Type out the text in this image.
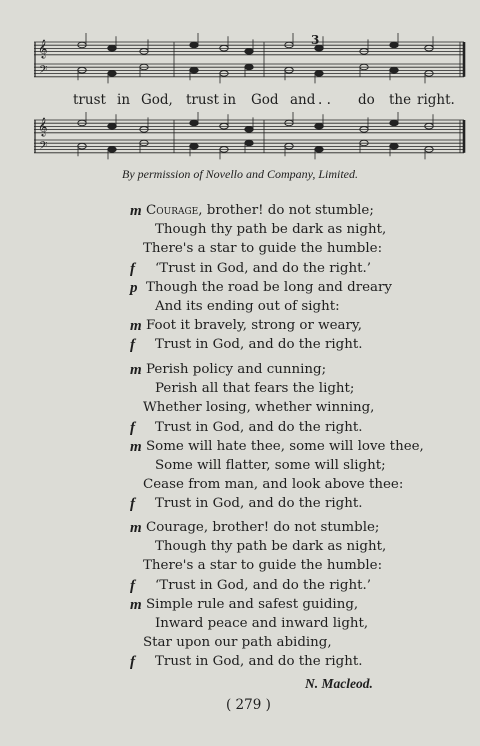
𝄞
𝄢
3
trust in God, trust in God and . . do the right.
𝄞
𝄢
By permission of Novello and Company, Limited.
m Courage, brother! do not stumble;
Though thy path be dark as night,
There's a star to guide the humble:
f ‘Trust in God, and do the right.’
p Though the road be long and dreary
And its ending out of sight:
m Foot it bravely, strong or weary,
f Trust in God, and do the right.
m Perish policy and cunning;
Perish all that fears the light;
Whether losing, whether winning,
f Trust in God, and do the right.
m Some will hate thee, some will love thee,
Some will flatter, some will slight;
Cease from man, and look above thee:
f Trust in God, and do the right.
m Courage, brother! do not stumble;
Though thy path be dark as night,
There's a star to guide the humble:
f ‘Trust in God, and do the right.’
m Simple rule and safest guiding,
Inward peace and inward light,
Star upon our path abiding,
f Trust in God, and do the right.
N. Macleod.
( 279 )
